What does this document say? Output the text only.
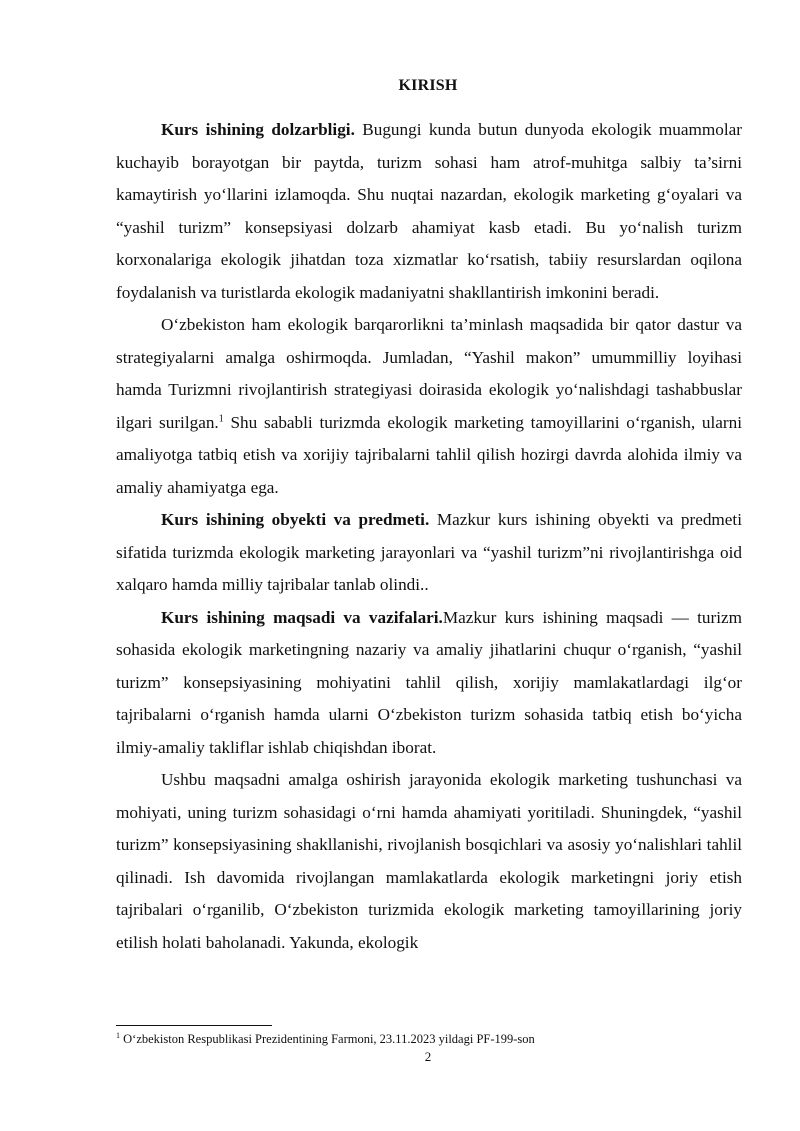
KIRISH

Kurs ishining dolzarbligi. Bugungi kunda butun dunyoda ekologik muammolar kuchayib borayotgan bir paytda, turizm sohasi ham atrof-muhitga salbiy ta’sirni kamaytirish yo‘llarini izlamoqda. Shu nuqtai nazardan, ekologik marketing g‘oyalari va “yashil turizm” konsepsiyasi dolzarb ahamiyat kasb etadi. Bu yo‘nalish turizm korxonalariga ekologik jihatdan toza xizmatlar ko‘rsatish, tabiiy resurslardan oqilona foydalanish va turistlarda ekologik madaniyatni shakllantirish imkonini beradi.

O‘zbekiston ham ekologik barqarorlikni ta’minlash maqsadida bir qator dastur va strategiyalarni amalga oshirmoqda. Jumladan, “Yashil makon” umummilliy loyihasi hamda Turizmni rivojlantirish strategiyasi doirasida ekologik yo‘nalishdagi tashabbuslar ilgari surilgan.$^1$ Shu sababli turizmda ekologik marketing tamoyillarini o‘rganish, ularni amaliyotga tatbiq etish va xorijiy tajribalarni tahlil qilish hozirgi davrda alohida ilmiy va amaliy ahamiyatga ega.

Kurs ishining obyekti va predmeti. Mazkur kurs ishining obyekti va predmeti sifatida turizmda ekologik marketing jarayonlari va “yashil turizm”ni rivojlantirishga oid xalqaro hamda milliy tajribalar tanlab olindi..

Kurs ishining maqsadi va vazifalari.Mazkur kurs ishining maqsadi — turizm sohasida ekologik marketingning nazariy va amaliy jihatlarini chuqur o‘rganish, “yashil turizm” konsepsiyasining mohiyatini tahlil qilish, xorijiy mamlakatlardagi ilg‘or tajribalarni o‘rganish hamda ularni O‘zbekiston turizm sohasida tatbiq etish bo‘yicha ilmiy-amaliy takliflar ishlab chiqishdan iborat.

Ushbu maqsadni amalga oshirish jarayonida ekologik marketing tushunchasi va mohiyati, uning turizm sohasidagi o‘rni hamda ahamiyati yoritiladi. Shuningdek, “yashil turizm” konsepsiyasining shakllanishi, rivojlanish bosqichlari va asosiy yo‘nalishlari tahlil qilinadi. Ish davomida rivojlangan mamlakatlarda ekologik marketingni joriy etish tajribalari o‘rganilib, O‘zbekiston turizmida ekologik marketing tamoyillarining joriy etilish holati baholanadi. Yakunda, ekologik

$^1$ O‘zbekiston Respublikasi Prezidentining Farmoni, 23.11.2023 yildagi PF-199-son
2
